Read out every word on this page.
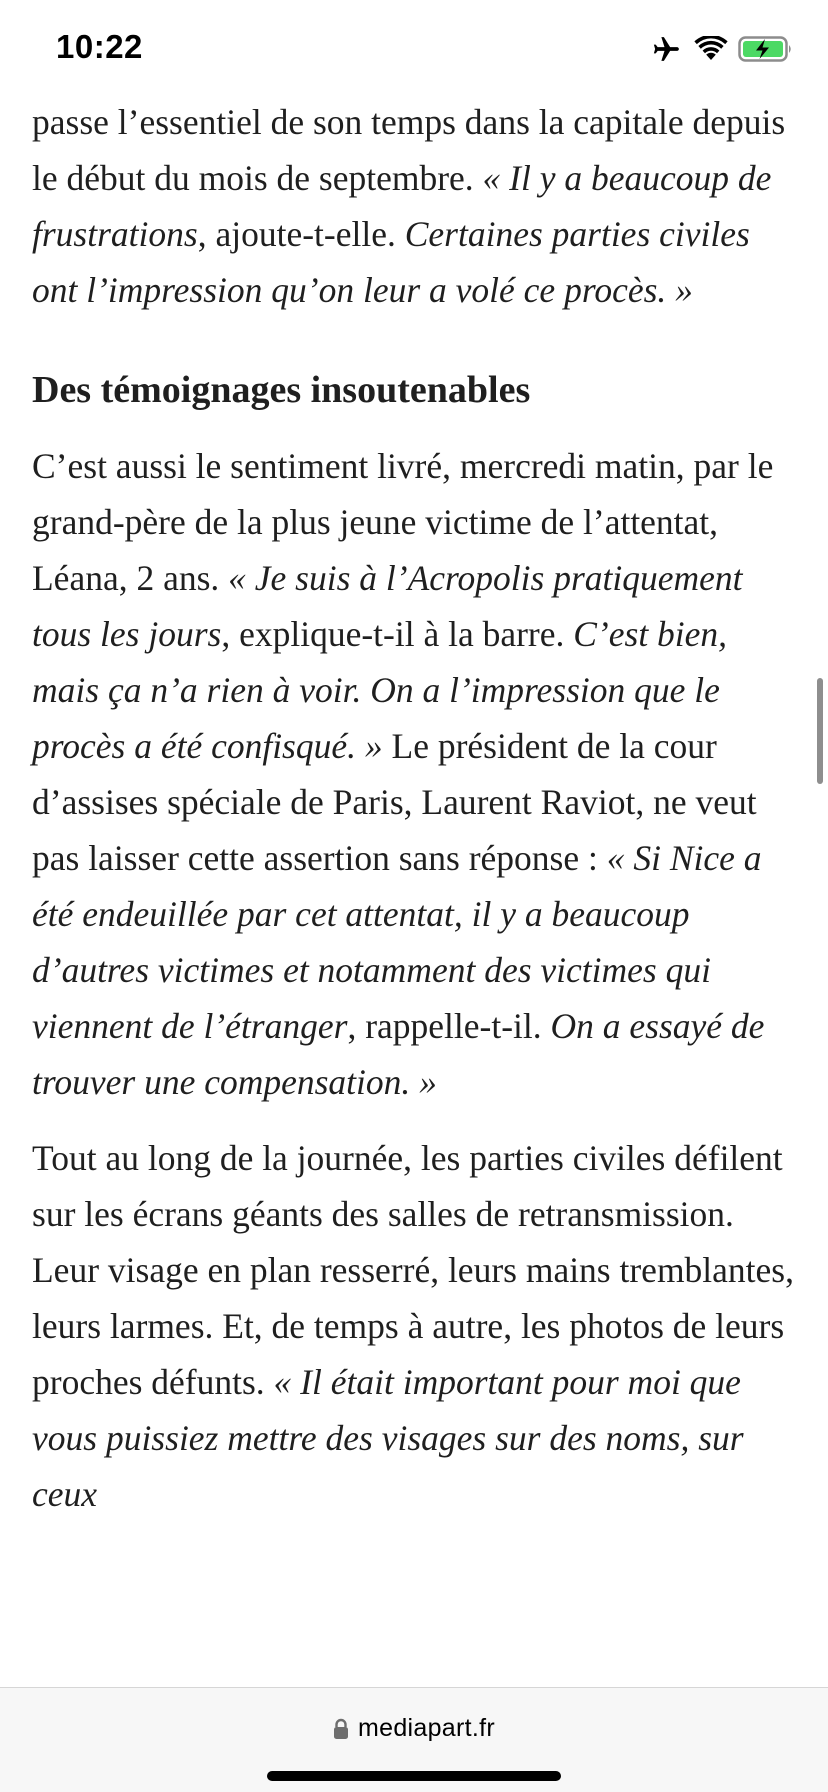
10:22

passe l’essentiel de son temps dans la capitale depuis le début du mois de septembre. « Il y a beaucoup de frustrations, ajoute-t-elle. Certaines parties civiles ont l’impression qu’on leur a volé ce procès. »

Des témoignages insoutenables

C’est aussi le sentiment livré, mercredi matin, par le grand-père de la plus jeune victime de l’attentat, Léana, 2 ans. « Je suis à l’Acropolis pratiquement tous les jours, explique-t-il à la barre. C’est bien, mais ça n’a rien à voir. On a l’impression que le procès a été confisqué. » Le président de la cour d’assises spéciale de Paris, Laurent Raviot, ne veut pas laisser cette assertion sans réponse : « Si Nice a été endeuillée par cet attentat, il y a beaucoup d’autres victimes et notamment des victimes qui viennent de l’étranger, rappelle-t-il. On a essayé de trouver une compensation. »

Tout au long de la journée, les parties civiles défilent sur les écrans géants des salles de retransmission. Leur visage en plan resserré, leurs mains tremblantes, leurs larmes. Et, de temps à autre, les photos de leurs proches défunts. « Il était important pour moi que vous puissiez mettre des visages sur des noms, sur ceux

mediapart.fr
